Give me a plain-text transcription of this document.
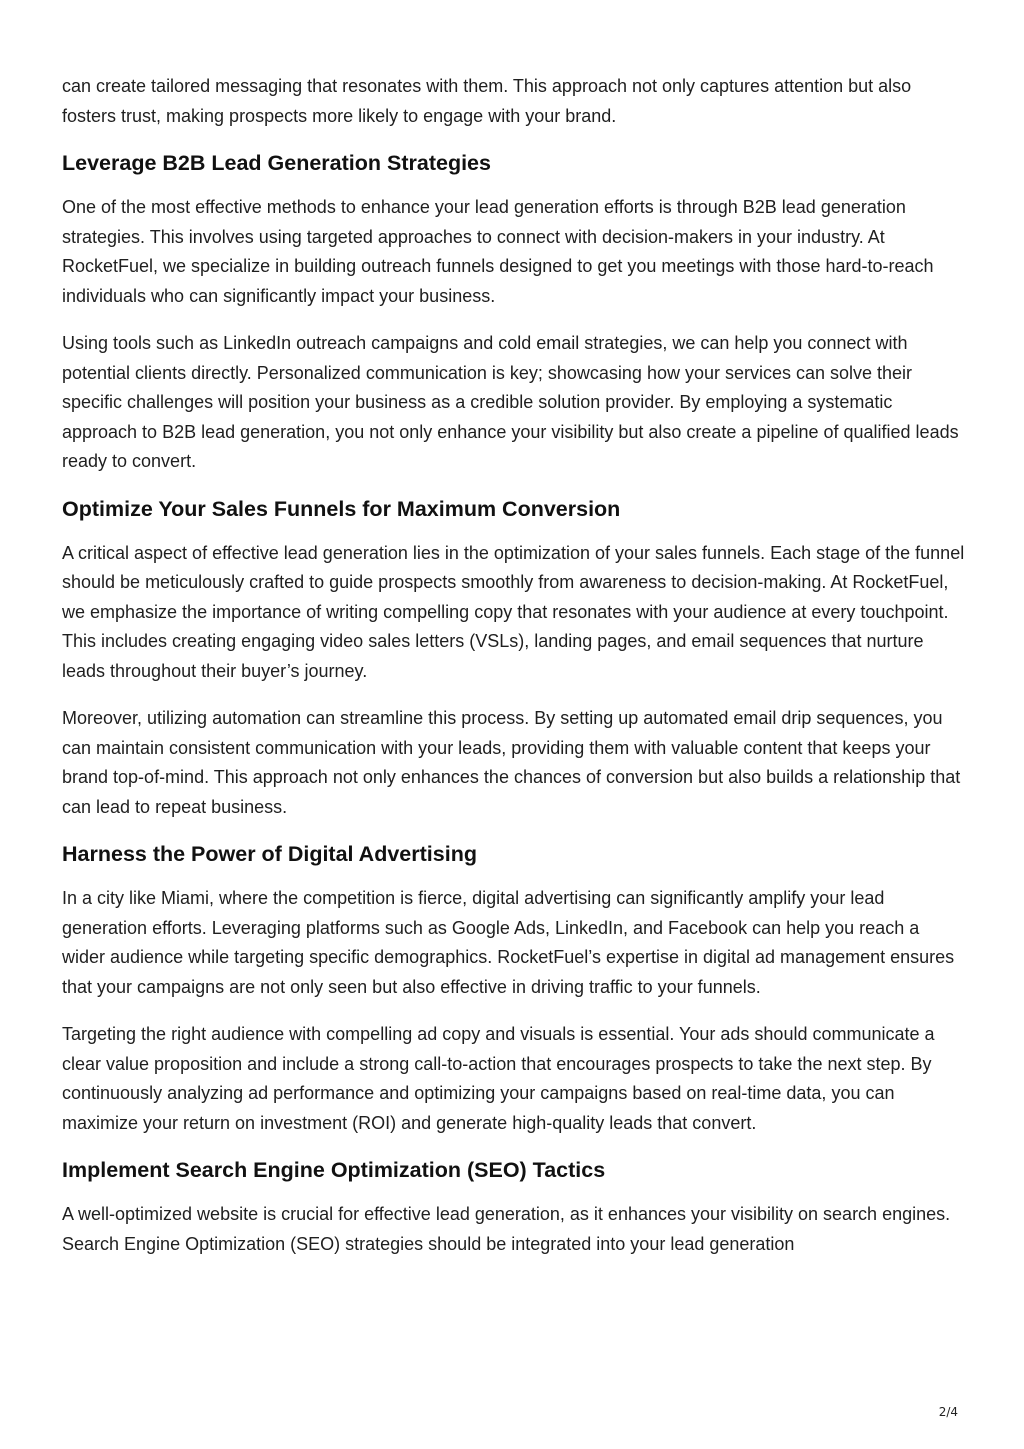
can create tailored messaging that resonates with them. This approach not only captures attention but also fosters trust, making prospects more likely to engage with your brand.

Leverage B2B Lead Generation Strategies

One of the most effective methods to enhance your lead generation efforts is through B2B lead generation strategies. This involves using targeted approaches to connect with decision-makers in your industry. At RocketFuel, we specialize in building outreach funnels designed to get you meetings with those hard-to-reach individuals who can significantly impact your business.

Using tools such as LinkedIn outreach campaigns and cold email strategies, we can help you connect with potential clients directly. Personalized communication is key; showcasing how your services can solve their specific challenges will position your business as a credible solution provider. By employing a systematic approach to B2B lead generation, you not only enhance your visibility but also create a pipeline of qualified leads ready to convert.

Optimize Your Sales Funnels for Maximum Conversion

A critical aspect of effective lead generation lies in the optimization of your sales funnels. Each stage of the funnel should be meticulously crafted to guide prospects smoothly from awareness to decision-making. At RocketFuel, we emphasize the importance of writing compelling copy that resonates with your audience at every touchpoint. This includes creating engaging video sales letters (VSLs), landing pages, and email sequences that nurture leads throughout their buyer’s journey.

Moreover, utilizing automation can streamline this process. By setting up automated email drip sequences, you can maintain consistent communication with your leads, providing them with valuable content that keeps your brand top-of-mind. This approach not only enhances the chances of conversion but also builds a relationship that can lead to repeat business.

Harness the Power of Digital Advertising

In a city like Miami, where the competition is fierce, digital advertising can significantly amplify your lead generation efforts. Leveraging platforms such as Google Ads, LinkedIn, and Facebook can help you reach a wider audience while targeting specific demographics. RocketFuel’s expertise in digital ad management ensures that your campaigns are not only seen but also effective in driving traffic to your funnels.

Targeting the right audience with compelling ad copy and visuals is essential. Your ads should communicate a clear value proposition and include a strong call-to-action that encourages prospects to take the next step. By continuously analyzing ad performance and optimizing your campaigns based on real-time data, you can maximize your return on investment (ROI) and generate high-quality leads that convert.

Implement Search Engine Optimization (SEO) Tactics

A well-optimized website is crucial for effective lead generation, as it enhances your visibility on search engines. Search Engine Optimization (SEO) strategies should be integrated into your lead generation

2/4
